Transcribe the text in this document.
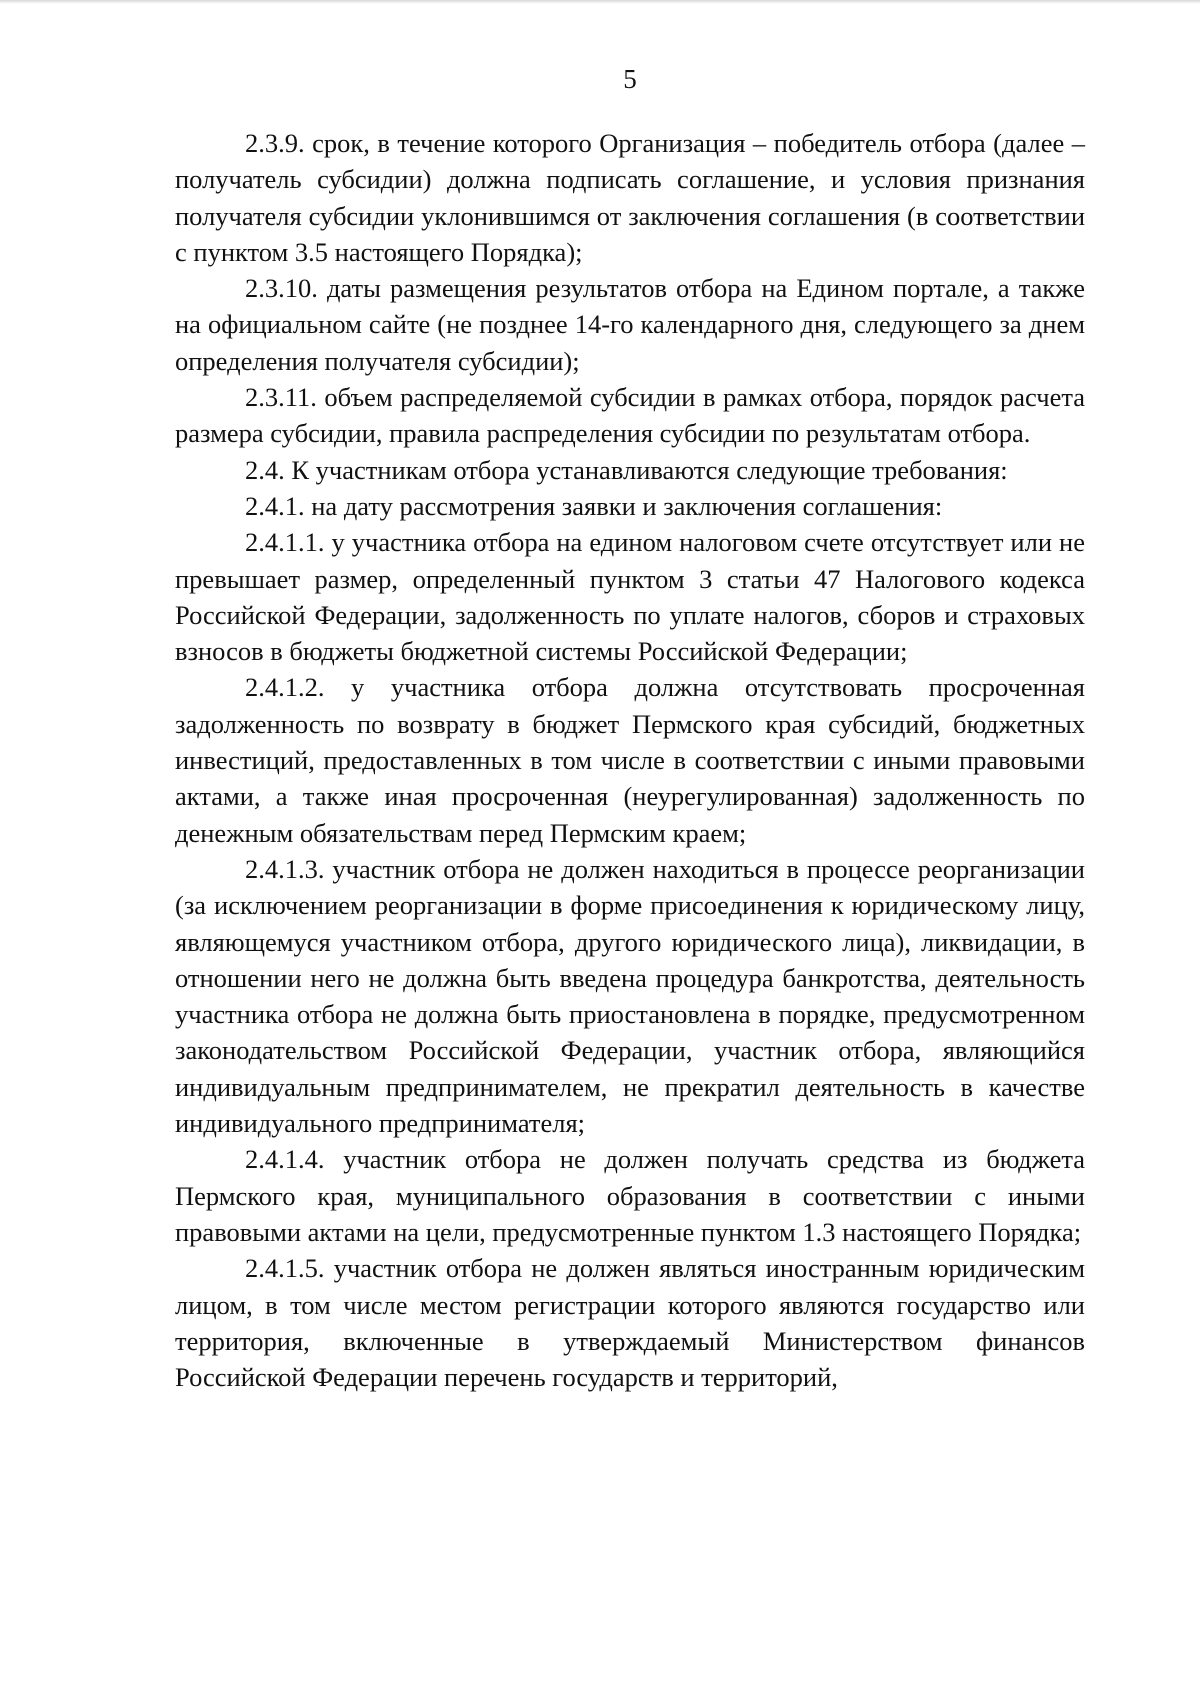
5

2.3.9. срок, в течение которого Организация – победитель отбора (далее – получатель субсидии) должна подписать соглашение, и условия признания получателя субсидии уклонившимся от заключения соглашения (в соответствии с пунктом 3.5 настоящего Порядка);

2.3.10. даты размещения результатов отбора на Едином портале, а также на официальном сайте (не позднее 14-го календарного дня, следующего за днем определения получателя субсидии);

2.3.11. объем распределяемой субсидии в рамках отбора, порядок расчета размера субсидии, правила распределения субсидии по результатам отбора.

2.4. К участникам отбора устанавливаются следующие требования:

2.4.1. на дату рассмотрения заявки и заключения соглашения:

2.4.1.1. у участника отбора на едином налоговом счете отсутствует или не превышает размер, определенный пунктом 3 статьи 47 Налогового кодекса Российской Федерации, задолженность по уплате налогов, сборов и страховых взносов в бюджеты бюджетной системы Российской Федерации;

2.4.1.2. у участника отбора должна отсутствовать просроченная задолженность по возврату в бюджет Пермского края субсидий, бюджетных инвестиций, предоставленных в том числе в соответствии с иными правовыми актами, а также иная просроченная (неурегулированная) задолженность по денежным обязательствам перед Пермским краем;

2.4.1.3. участник отбора не должен находиться в процессе реорганизации (за исключением реорганизации в форме присоединения к юридическому лицу, являющемуся участником отбора, другого юридического лица), ликвидации, в отношении него не должна быть введена процедура банкротства, деятельность участника отбора не должна быть приостановлена в порядке, предусмотренном законодательством Российской Федерации, участник отбора, являющийся индивидуальным предпринимателем, не прекратил деятельность в качестве индивидуального предпринимателя;

2.4.1.4. участник отбора не должен получать средства из бюджета Пермского края, муниципального образования в соответствии с иными правовыми актами на цели, предусмотренные пунктом 1.3 настоящего Порядка;

2.4.1.5. участник отбора не должен являться иностранным юридическим лицом, в том числе местом регистрации которого являются государство или территория, включенные в утверждаемый Министерством финансов Российской Федерации перечень государств и территорий,
